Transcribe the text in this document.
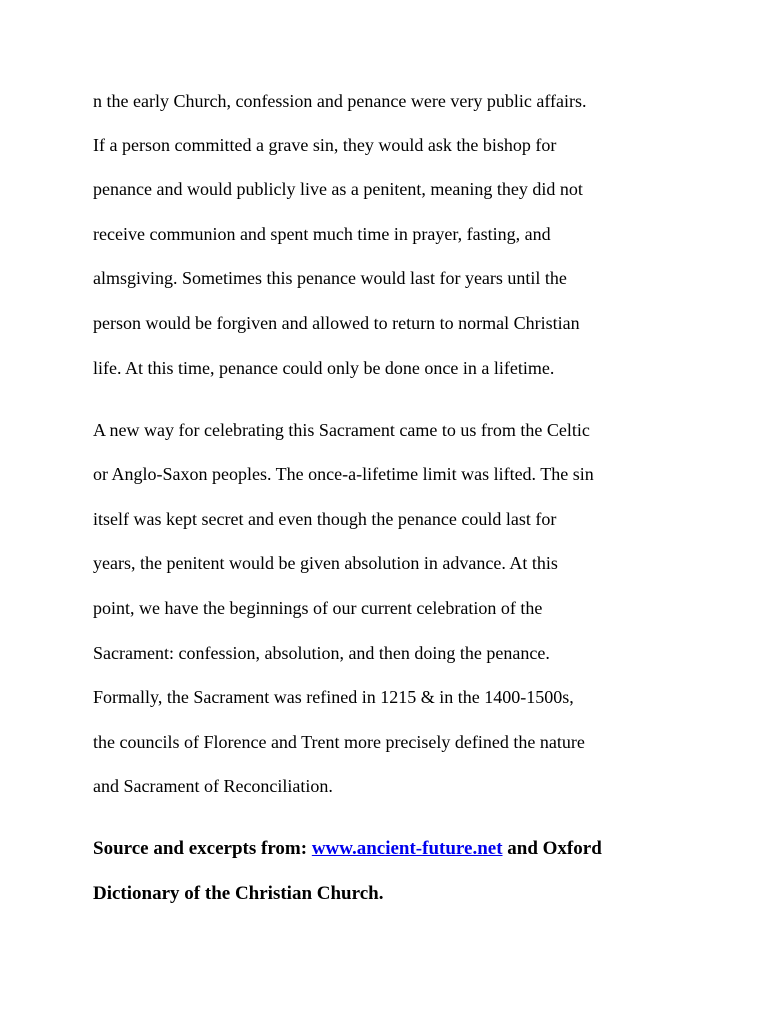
n the early Church, confession and penance were very public affairs.
If a person committed a grave sin, they would ask the bishop for
penance and would publicly live as a penitent, meaning they did not
receive communion and spent much time in prayer, fasting, and
almsgiving. Sometimes this penance would last for years until the
person would be forgiven and allowed to return to normal Christian
life. At this time, penance could only be done once in a lifetime.
A new way for celebrating this Sacrament came to us from the Celtic
or Anglo-Saxon peoples. The once-a-lifetime limit was lifted. The sin
itself was kept secret and even though the penance could last for
years, the penitent would be given absolution in advance. At this
point, we have the beginnings of our current celebration of the
Sacrament: confession, absolution, and then doing the penance.
Formally, the Sacrament was refined in 1215 & in the 1400-1500s,
the councils of Florence and Trent more precisely defined the nature
and Sacrament of Reconciliation.
Source and excerpts from: www.ancient-future.net and Oxford
Dictionary of the Christian Church.
